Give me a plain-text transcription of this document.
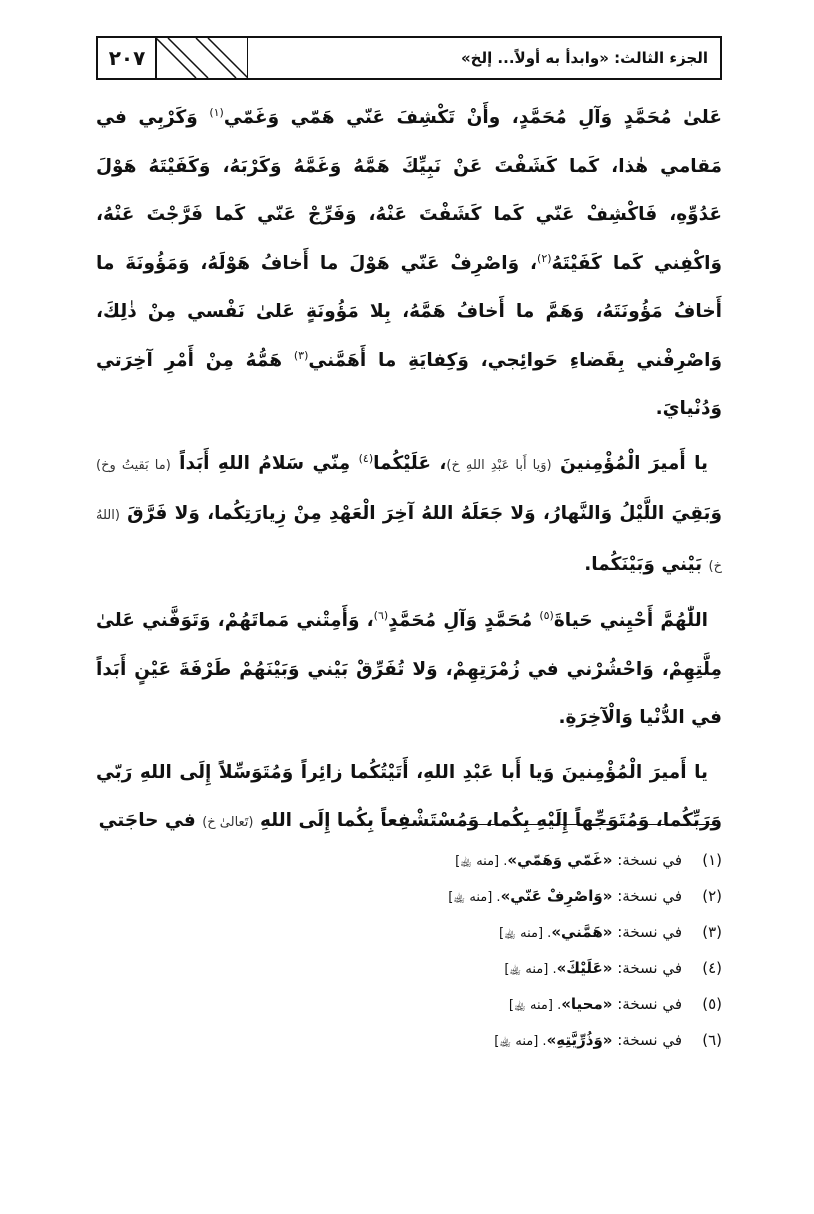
الجزء الثالث: «وابدأ به أولاً... إلخ»
٢٠٧

عَلىٰ مُحَمَّدٍ وَآلِ مُحَمَّدٍ، وأَنْ تَكْشِفَ عَنّي هَمّي وَغَمّي$^{(١)}$ وَكَرْبِي في مَقامي هٰذا، كَما كَشَفْتَ عَنْ نَبِيِّكَ هَمَّهُ وَغَمَّهُ وَكَرْبَهُ، وَكَفَيْتَهُ هَوْلَ عَدُوِّهِ، فَاكْشِفْ عَنّي كَما كَشَفْتَ عَنْهُ، وَفَرِّجْ عَنّي كَما فَرَّجْتَ عَنْهُ، وَاكْفِني كَما كَفَيْتَهُ$^{(٢)}$، وَاصْرِفْ عَنّي هَوْلَ ما أَخافُ هَوْلَهُ، وَمَؤُونَةَ ما أَخافُ مَؤُونَتَهُ، وَهَمَّ ما أَخافُ هَمَّهُ، بِلا مَؤُونَةٍ عَلىٰ نَفْسي مِنْ ذٰلِكَ، وَاصْرِفْني بِقَضاءِ حَوائِجي، وَكِفايَةِ ما أَهَمَّني$^{(٣)}$ هَمُّهُ مِنْ أَمْرِ آخِرَتي وَدُنْيايَ.

يا أَميرَ الْمُؤْمِنينَ (وَيا أَبا عَبْدِ اللهِ خ)، عَلَيْكُما$^{(٤)}$ مِنّي سَلامُ اللهِ أَبَداً (ما بَقيتُ وخ) وَبَقِيَ اللَّيْلُ وَالنَّهارُ، وَلا جَعَلَهُ اللهُ آخِرَ الْعَهْدِ مِنْ زِيارَتِكُما، وَلا فَرَّقَ (اللهُ خ) بَيْني وَبَيْنَكُما.

اللّٰهُمَّ أَحْيِني حَياةَ$^{(٥)}$ مُحَمَّدٍ وَآلِ مُحَمَّدٍ$^{(٦)}$، وَأَمِتْني مَماتَهُمْ، وَتَوَفَّني عَلىٰ مِلَّتِهِمْ، وَاحْشُرْني في زُمْرَتِهِمْ، وَلا تُفَرِّقْ بَيْني وَبَيْنَهُمْ طَرْفَةَ عَيْنٍ أَبَداً في الدُّنْيا وَالْآخِرَةِ.

يا أَميرَ الْمُؤْمِنينَ وَيا أَبا عَبْدِ اللهِ، أَتَيْتُكُما زائِراً وَمُتَوَسِّلاً إِلَى اللهِ رَبّي وَرَبِّكُما، وَمُتَوَجِّهاً إِلَيْهِ بِكُما، وَمُسْتَشْفِعاً بِكُما إِلَى اللهِ (تَعالىٰ خ) في حاجَتي

(١)في نسخة: «غَمّي وَهَمّي». [منه ﵀]
(٢)في نسخة: «وَاصْرِفْ عَنّي». [منه ﵀]
(٣)في نسخة: «هَمَّني». [منه ﵀]
(٤)في نسخة: «عَلَيْكَ». [منه ﵀]
(٥)في نسخة: «محيا». [منه ﵀]
(٦)في نسخة: «وَذُرِّيَّتِهِ». [منه ﵀]
